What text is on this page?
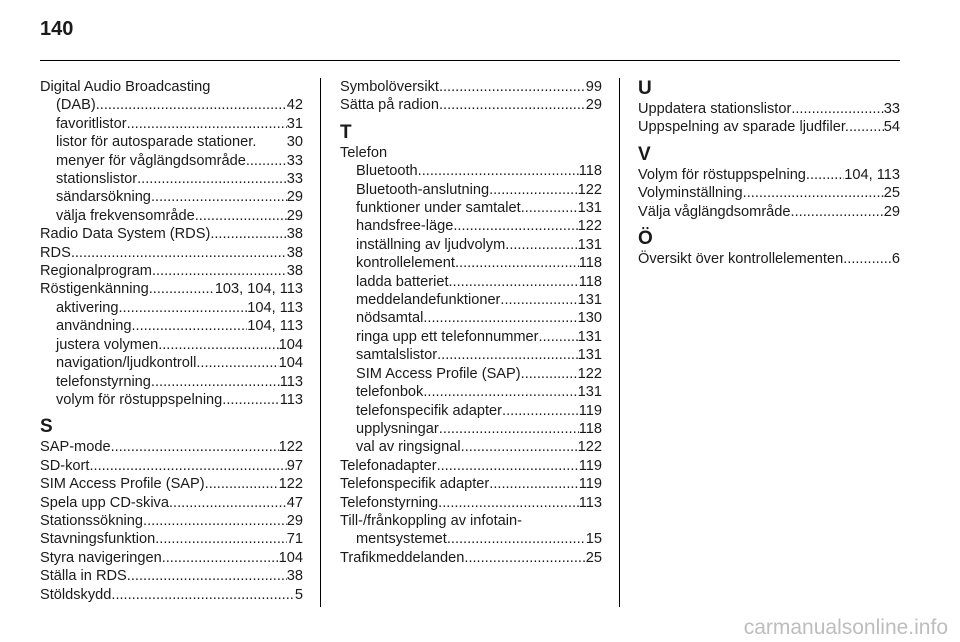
140
Digital Audio Broadcasting
(DAB) .....	42
favoritlistor .....	31
listor för autosparade stationer. 30
menyer för våglängdsområde .....	33
stationslistor .....	33
sändarsökning .....	29
välja frekvensområde .....	29
Radio Data System (RDS) .....	38
RDS .....	38
Regionalprogram .....	38
Röstigenkänning .....	103, 104, 113
aktivering .....	104, 113
användning .....	104, 113
justera volymen .....	104
navigation/ljudkontroll .....	104
telefonstyrning .....	113
volym för röstuppspelning .....	113
S
SAP-mode .....	122
SD-kort .....	97
SIM Access Profile (SAP) .....	122
Spela upp CD-skiva .....	47
Stationssökning .....	29
Stavningsfunktion .....	71
Styra navigeringen .....	104
Ställa in RDS .....	38
Stöldskydd .....	5
Symbolöversikt .....	99
Sätta på radion .....	29
T
Telefon
Bluetooth .....	118
Bluetooth-anslutning .....	122
funktioner under samtalet .....	131
handsfree-läge .....	122
inställning av ljudvolym .....	131
kontrollelement .....	118
ladda batteriet .....	118
meddelandefunktioner .....	131
nödsamtal .....	130
ringa upp ett telefonnummer .....	131
samtalslistor .....	131
SIM Access Profile (SAP) .....	122
telefonbok .....	131
telefonspecifik adapter .....	119
upplysningar .....	118
val av ringsignal .....	122
Telefonadapter .....	119
Telefonspecifik adapter .....	119
Telefonstyrning .....	113
Till-/frånkoppling av infotain-
mentsystemet .....	15
Trafikmeddelanden .....	25
U
Uppdatera stationslistor .....	33
Uppspelning av sparade ljudfiler. ..... 54
V
Volym för röstuppspelning. ..... 104, 113
Volyminställning .....	25
Välja våglängdsområde .....	29
Ö
Översikt över kontrollelementen. .....	6
carmanualsonline.info
